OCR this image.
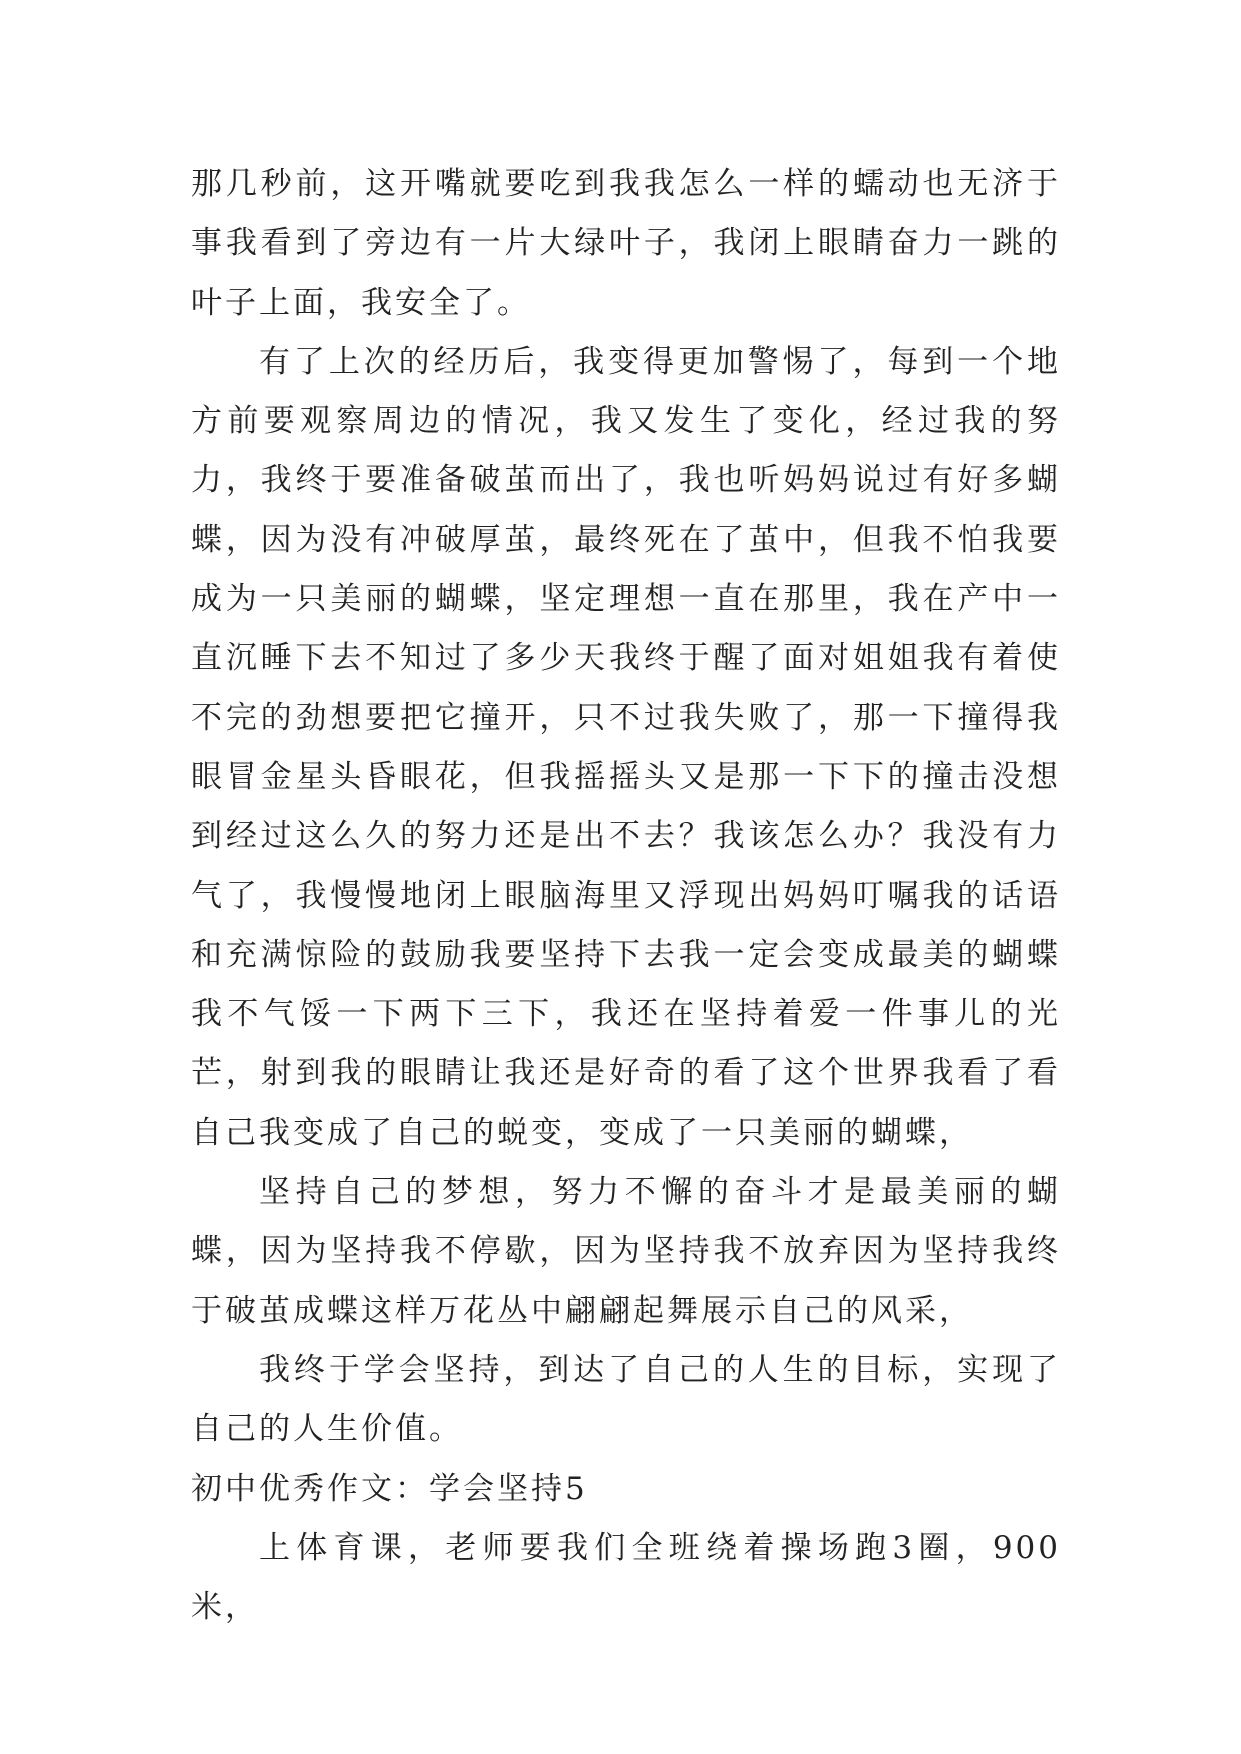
那几秒前，这开嘴就要吃到我我怎么一样的蠕动也无济于事我看到了旁边有一片大绿叶子，我闭上眼睛奋力一跳的叶子上面，我安全了。

有了上次的经历后，我变得更加警惕了，每到一个地方前要观察周边的情况，我又发生了变化，经过我的努力，我终于要准备破茧而出了，我也听妈妈说过有好多蝴蝶，因为没有冲破厚茧，最终死在了茧中，但我不怕我要成为一只美丽的蝴蝶，坚定理想一直在那里，我在产中一直沉睡下去不知过了多少天我终于醒了面对姐姐我有着使不完的劲想要把它撞开，只不过我失败了，那一下撞得我眼冒金星头昏眼花，但我摇摇头又是那一下下的撞击没想到经过这么久的努力还是出不去？我该怎么办？我没有力气了，我慢慢地闭上眼脑海里又浮现出妈妈叮嘱我的话语和充满惊险的鼓励我要坚持下去我一定会变成最美的蝴蝶我不气馁一下两下三下，我还在坚持着爱一件事儿的光芒，射到我的眼睛让我还是好奇的看了这个世界我看了看自己我变成了自己的蜕变，变成了一只美丽的蝴蝶，

坚持自己的梦想，努力不懈的奋斗才是最美丽的蝴蝶，因为坚持我不停歇，因为坚持我不放弃因为坚持我终于破茧成蝶这样万花丛中翩翩起舞展示自己的风采，

我终于学会坚持，到达了自己的人生的目标，实现了自己的人生价值。

初中优秀作文：学会坚持5

上体育课，老师要我们全班绕着操场跑3圈，900米，
